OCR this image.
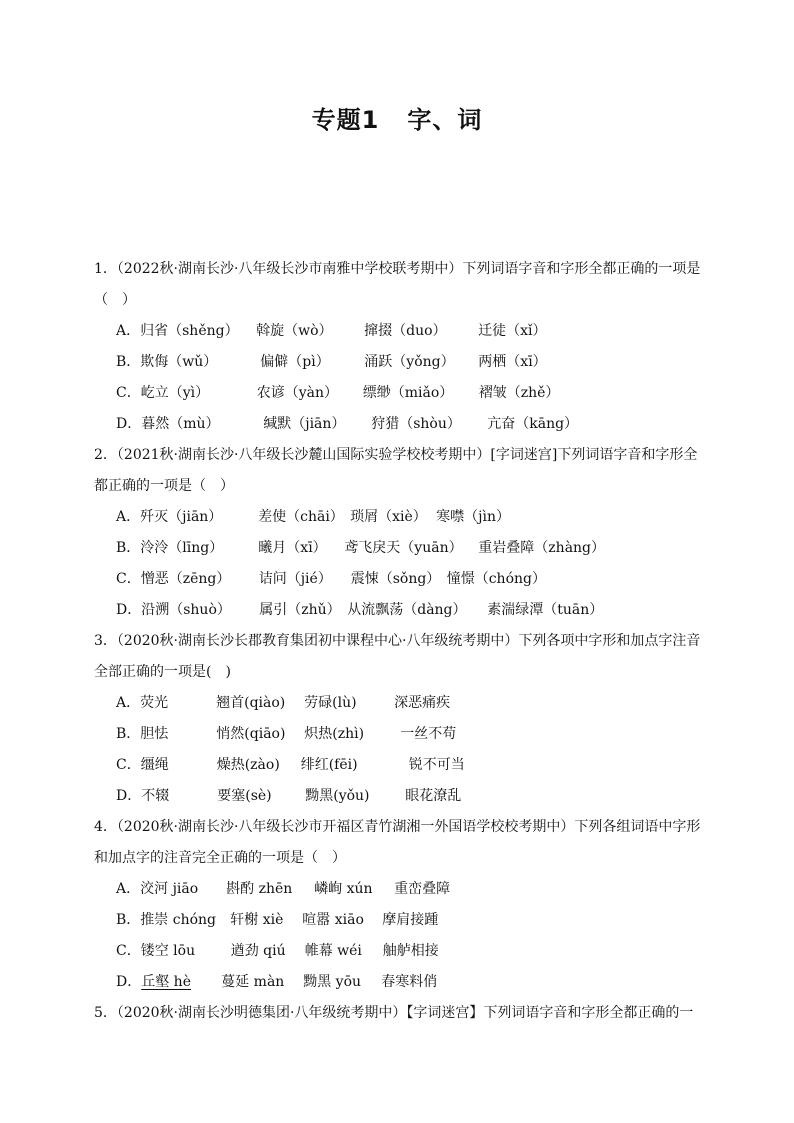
专题1 字、词

1．（2022秋·湖南长沙·八年级长沙市南雅中学校联考期中）下列词语字音和字形全都正确的一项是（　）

A．归省（shěng） 斡旋（wò） 撺掇（duo） 迁徒（xǐ）

B．欺侮（wǔ）	偏僻（pì） 涌跃（yǒng） 两栖（xī）

C．屹立（yì）	农谚（yàn） 缥缈（miǎo） 褶皱（zhě）

D．暮然（mù）	缄默（jiān） 狩猎（shòu） 亢奋（kāng）

2．（2021秋·湖南长沙·八年级长沙麓山国际实验学校校考期中）[字词迷宫]下列词语字音和字形全都正确的一项是（　）

A．歼灭（jiān）	差使（chāi） 琐屑（xiè） 寒噤（jìn）

B．泠泠（līng）	曦月（xī） 鸢飞戾天（yuān） 重岩叠障（zhàng）

C．憎恶（zēng） 诘问（jié） 震悚（sǒng） 憧憬（chóng）

D．沿溯（shuò） 属引（zhǔ） 从流飘荡（dàng） 素湍绿潭（tuān）

3．（2020秋·湖南长沙长郡教育集团初中课程中心·八年级统考期中）下列各项中字形和加点字注音全部正确的一项是(　)

A．荧光	翘首(qiào) 劳碌(lù)	深恶痛疾

B．胆怯	悄然(qiāo) 炽热(zhì)	一丝不苟

C．缰绳	燥热(zào) 绯红(fēi)	锐不可当

D．不辍	要塞(sè) 黝黑(yǒu)	眼花潦乱

4．（2020秋·湖南长沙·八年级长沙市开福区青竹湖湘一外国语学校校考期中）下列各组词语中字形和加点字的注音完全正确的一项是（　）

A．洨河 jiāo 斟酌 zhēn 嶙峋 xún 重峦叠障

B．推崇 chóng 轩榭 xiè 喧嚣 xiāo 摩肩接踵

C．镂空 lōu	遒劲 qiú 帷幕 wéi 舳舻相接

D．丘壑 hè 蔓延 màn 黝黑 yōu 春寒料俏

5．（2020秋·湖南长沙明德集团·八年级统考期中）【字词迷宫】下列词语字音和字形全都正确的一
